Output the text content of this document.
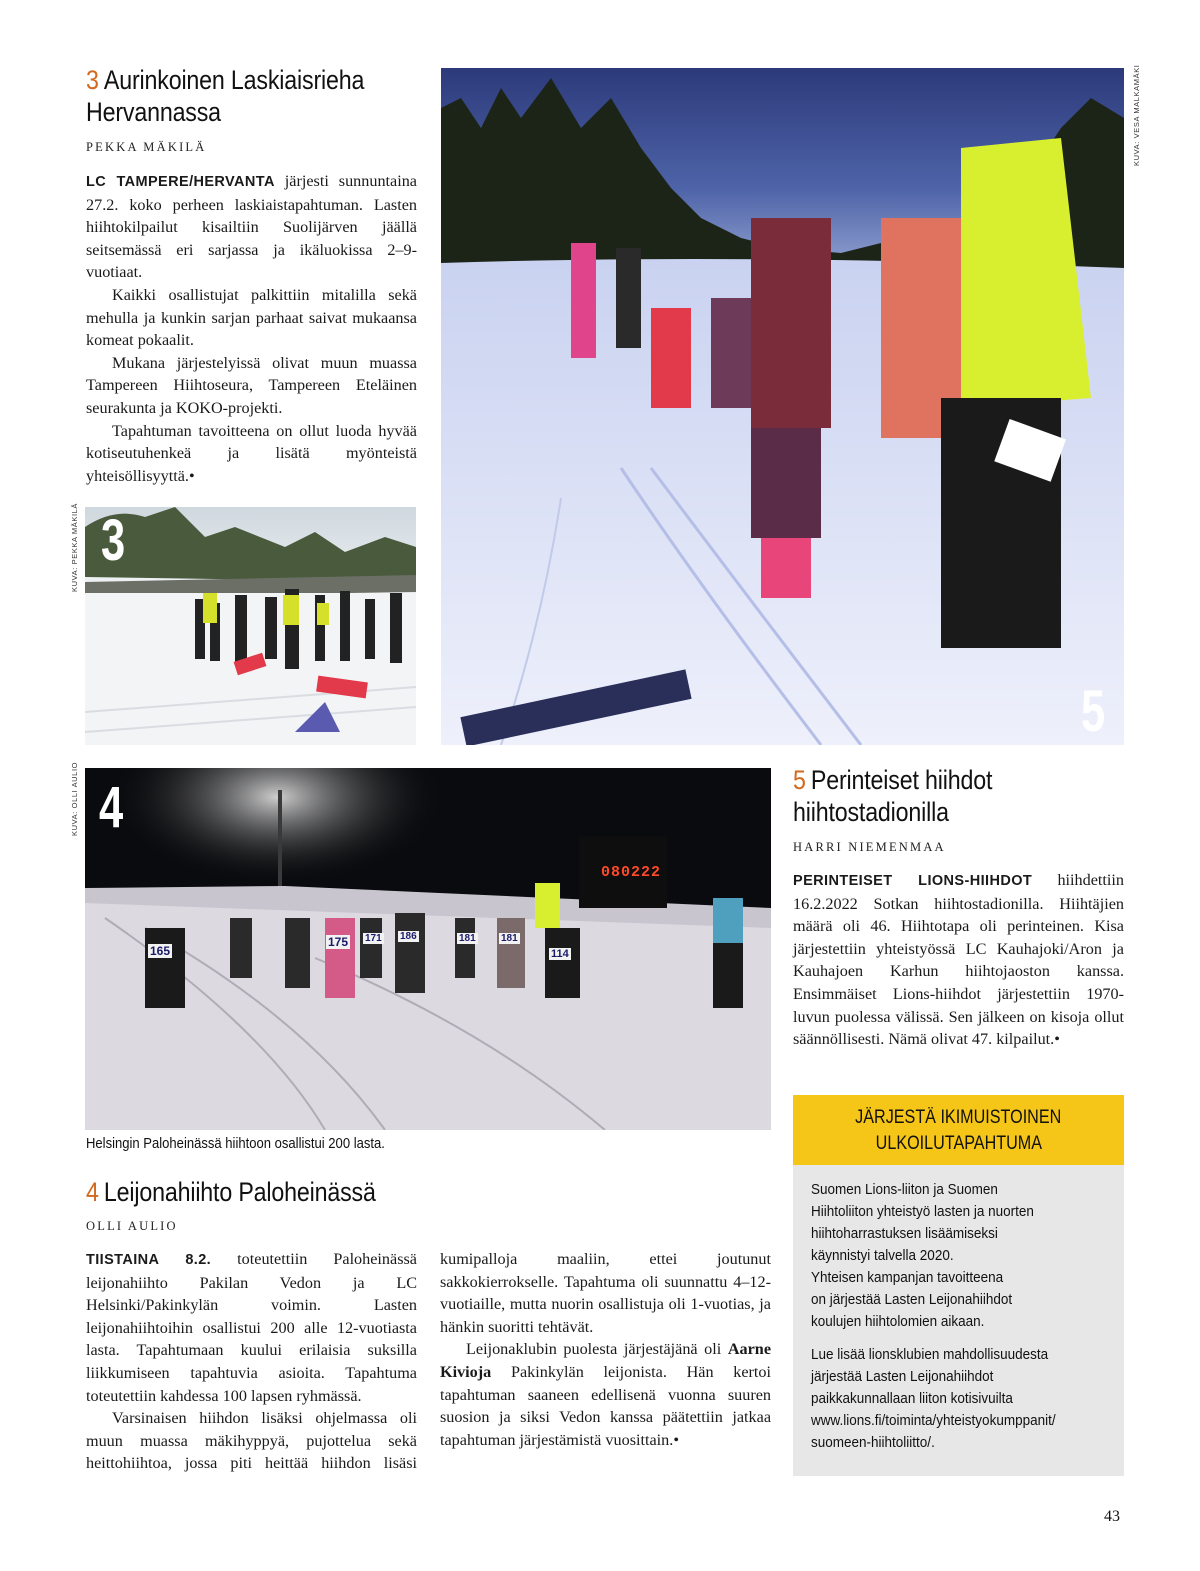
3 Aurinkoinen Laskiaisrieha
Hervannassa
PEKKA MÄKILÄ

LC TAMPERE/HERVANTA järjesti sunnuntaina 27.2. koko perheen laskiaistapahtuman. Lasten hiihtokilpailut kisailtiin Suolijärven jäällä seitsemässä eri sarjassa ja ikäluokissa 2–9-vuotiaat.

Kaikki osallistujat palkittiin mitalilla sekä mehulla ja kunkin sarjan parhaat saivat mukaansa komeat pokaalit.

Mukana järjestelyissä olivat muun muassa Tampereen Hiihtoseura, Tampereen Eteläinen seurakunta ja KOKO-projekti.

Tapahtuman tavoitteena on ollut luoda hyvää kotiseutuhenkeä ja lisätä myönteistä yhteisöllisyyttä.•

KUVA: PEKKA MÄKILÄ 3
5
KUVA: VESA MALKAMÄKI
KUVA: OLLI AULIO
080222
165
175 171	181	181
186
114
4
Helsingin Paloheinässä hiihtoon osallistui 200 lasta.
5 Perinteiset hiihdot
hiihtostadionilla
HARRI NIEMENMAA

PERINTEISET LIONS-HIIHDOT hiihdettiin 16.2.2022 Sotkan hiihtostadionilla. Hiihtäjien määrä oli 46. Hiihtotapa oli perinteinen. Kisa järjestettiin yhteistyössä LC Kauhajoki/Aron ja Kauhajoen Karhun hiihtojaoston kanssa. Ensimmäiset Lions-hiihdot järjestettiin 1970-luvun puolessa välissä. Sen jälkeen on kisoja ollut säännöllisesti. Nämä olivat 47. kilpailut.•

JÄRJESTÄ IKIMUISTOINEN
ULKOILUTAPAHTUMA

Suomen Lions-liiton ja Suomen
Hiihtoliiton yhteistyö lasten ja nuorten
hiihtoharrastuksen lisäämiseksi
käynnistyi talvella 2020.
Yhteisen kampanjan tavoitteena
on järjestää Lasten Leijonahiihdot
koulujen hiihtolomien aikaan.

Lue lisää lionsklubien mahdollisuudesta
järjestää Lasten Leijonahiihdot
paikkakunnallaan liiton kotisivuilta
www.lions.fi/toiminta/yhteistyokumppanit/
suomeen-hiihtoliitto/.

4 Leijonahiihto Paloheinässä
OLLI AULIO

TIISTAINA 8.2. toteutettiin Paloheinässä leijonahiihto Pakilan Vedon ja LC Helsinki/Pakinkylän voimin. Lasten leijonahiihtoihin osallistui 200 alle 12-vuotiasta lasta. Tapahtumaan kuului erilaisia suksilla liikkumiseen tapahtuvia asioita. Tapahtuma toteutettiin kahdessa 100 lapsen ryhmässä.

Varsinaisen hiihdon lisäksi ohjelmassa oli muun muassa mäkihyppyä, pujottelua sekä heittohiihtoa, jossa piti heittää hiihdon lisäsi

kumipalloja maaliin, ettei joutunut sakkokierrokselle. Tapahtuma oli suunnattu 4–12-vuotiaille, mutta nuorin osallistuja oli 1-vuotias, ja hänkin suoritti tehtävät.

Leijonaklubin puolesta järjestäjänä oli Aarne Kivioja Pakinkylän leijonista. Hän kertoi tapahtuman saaneen edellisenä vuonna suuren suosion ja siksi Vedon kanssa päätettiin jatkaa tapahtuman järjestämistä vuosittain.•

43
